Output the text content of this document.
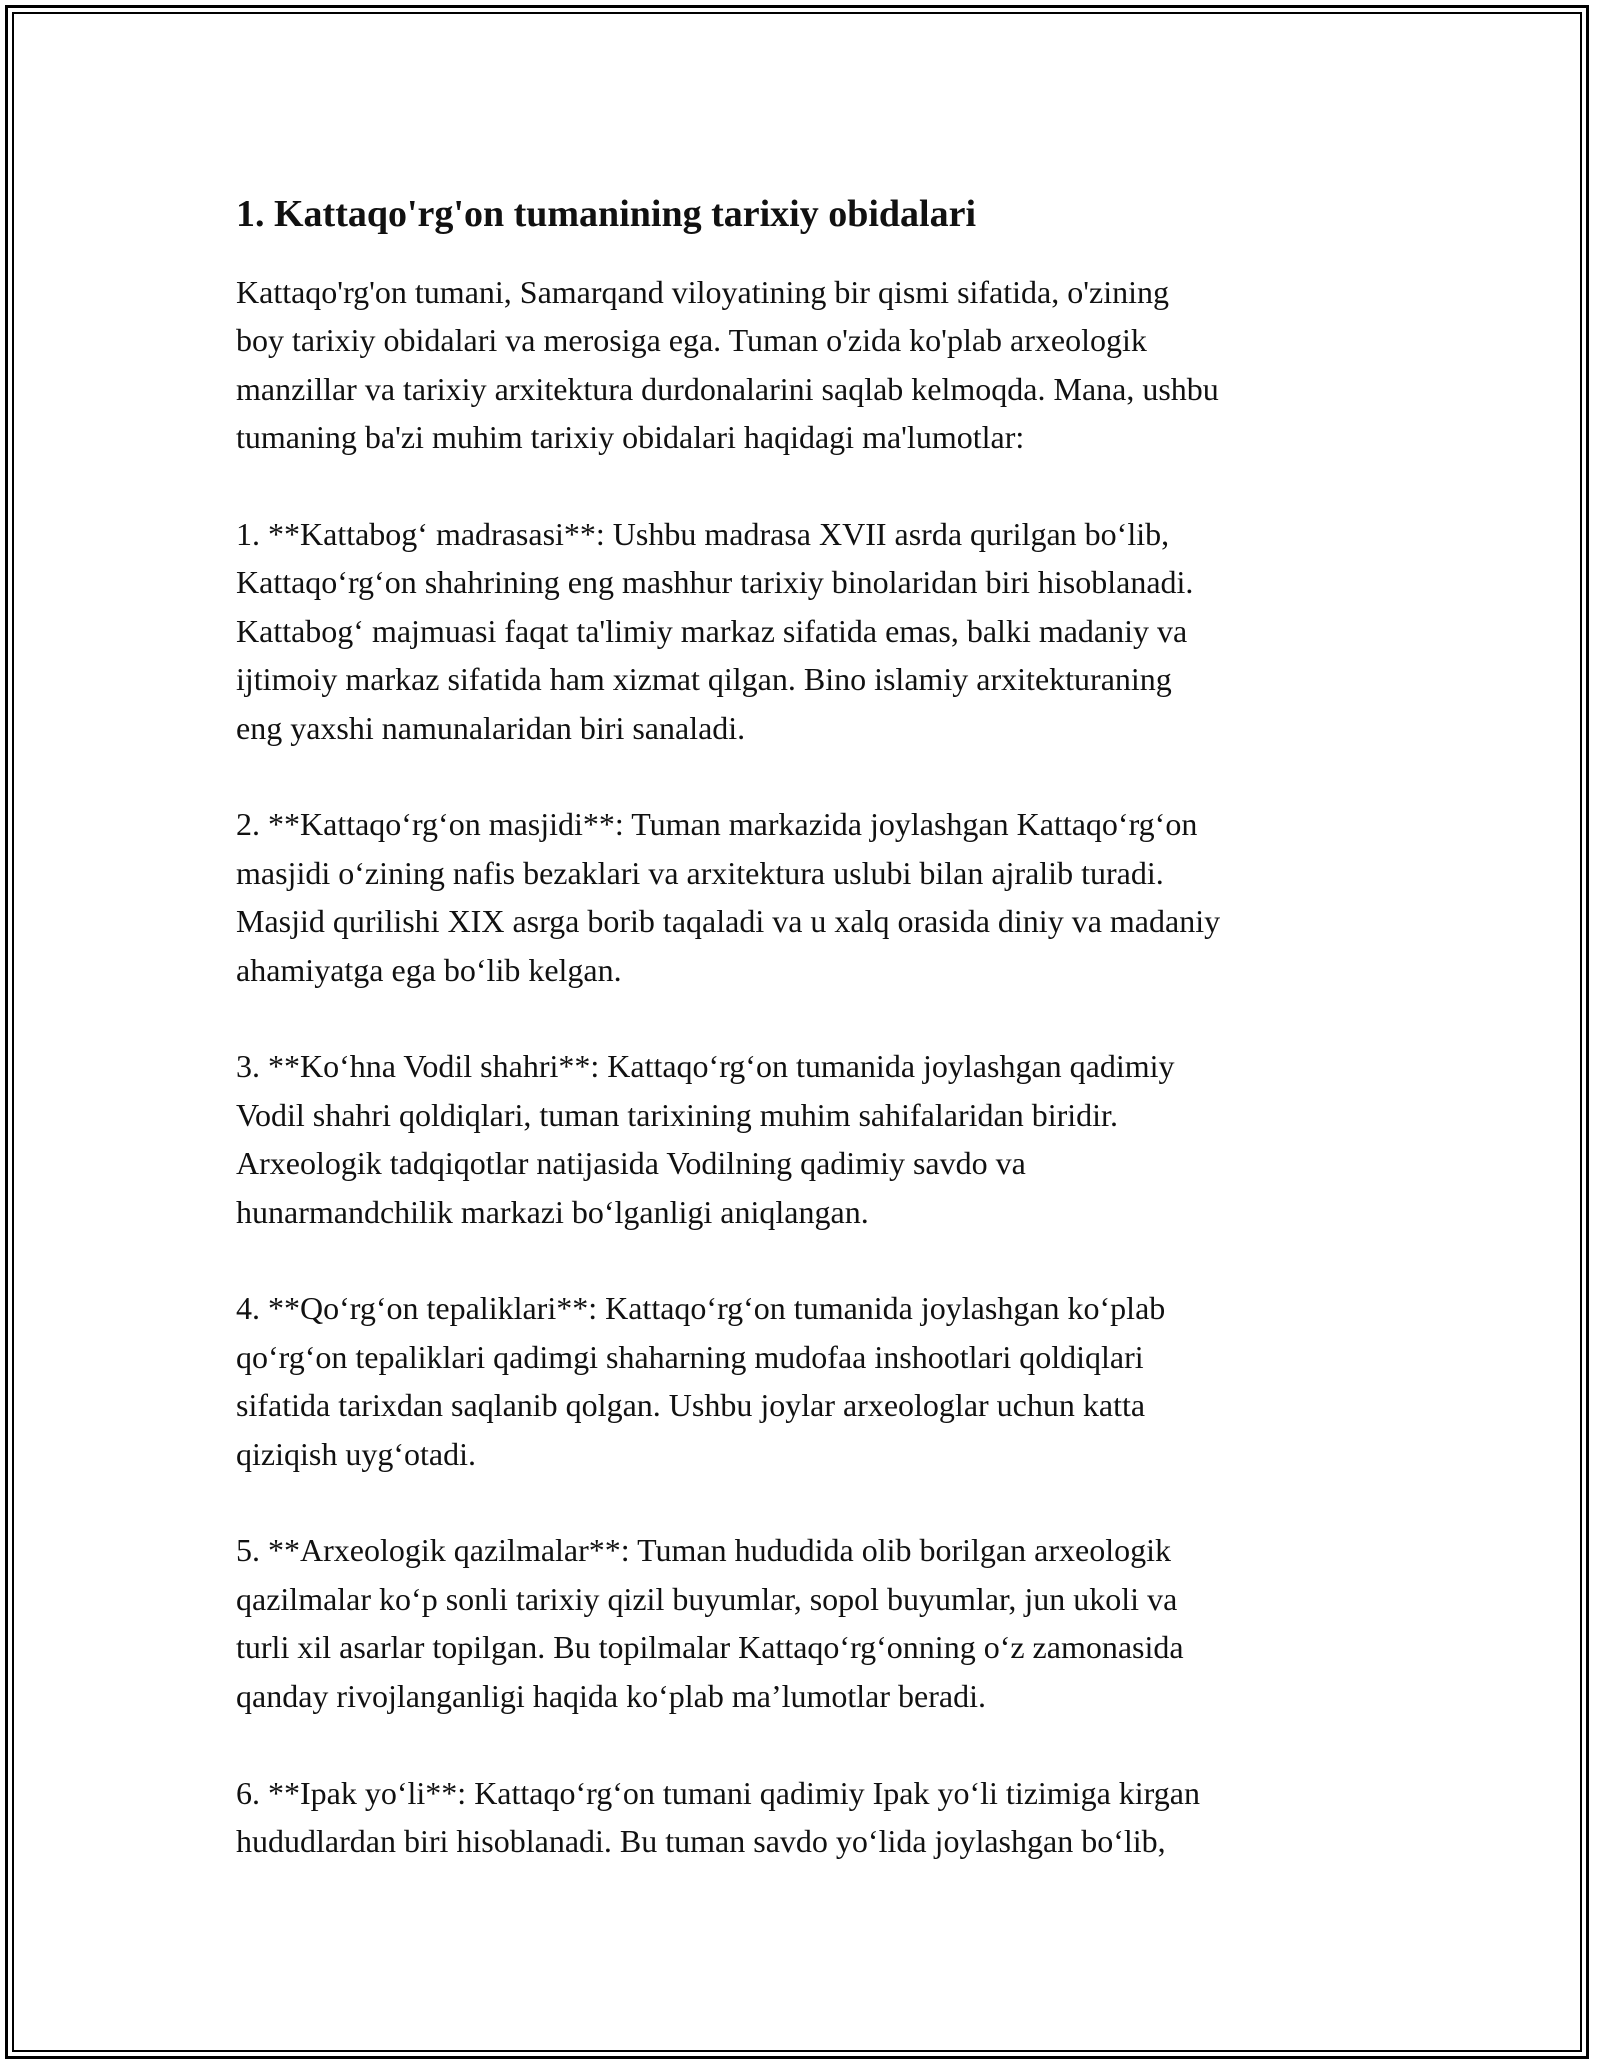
1. Kattaqo'rg'on tumanining tarixiy obidalari

Kattaqo'rg'on tumani, Samarqand viloyatining bir qismi sifatida, o'zining
boy tarixiy obidalari va merosiga ega. Tuman o'zida ko'plab arxeologik
manzillar va tarixiy arxitektura durdonalarini saqlab kelmoqda. Mana, ushbu
tumaning ba'zi muhim tarixiy obidalari haqidagi ma'lumotlar:

1. **Kattabog‘ madrasasi**: Ushbu madrasa XVII asrda qurilgan bo‘lib,
Kattaqo‘rg‘on shahrining eng mashhur tarixiy binolaridan biri hisoblanadi.
Kattabog‘ majmuasi faqat ta'limiy markaz sifatida emas, balki madaniy va
ijtimoiy markaz sifatida ham xizmat qilgan. Bino islamiy arxitekturaning
eng yaxshi namunalaridan biri sanaladi.

2. **Kattaqo‘rg‘on masjidi**: Tuman markazida joylashgan Kattaqo‘rg‘on
masjidi o‘zining nafis bezaklari va arxitektura uslubi bilan ajralib turadi.
Masjid qurilishi XIX asrga borib taqaladi va u xalq orasida diniy va madaniy
ahamiyatga ega bo‘lib kelgan.

3. **Ko‘hna Vodil shahri**: Kattaqo‘rg‘on tumanida joylashgan qadimiy
Vodil shahri qoldiqlari, tuman tarixining muhim sahifalaridan biridir.
Arxeologik tadqiqotlar natijasida Vodilning qadimiy savdo va
hunarmandchilik markazi bo‘lganligi aniqlangan.

4. **Qo‘rg‘on tepaliklari**: Kattaqo‘rg‘on tumanida joylashgan ko‘plab
qo‘rg‘on tepaliklari qadimgi shaharning mudofaa inshootlari qoldiqlari
sifatida tarixdan saqlanib qolgan. Ushbu joylar arxeologlar uchun katta
qiziqish uyg‘otadi.

5. **Arxeologik qazilmalar**: Tuman hududida olib borilgan arxeologik
qazilmalar ko‘p sonli tarixiy qizil buyumlar, sopol buyumlar, jun ukoli va
turli xil asarlar topilgan. Bu topilmalar Kattaqo‘rg‘onning o‘z zamonasida
qanday rivojlanganligi haqida ko‘plab ma’lumotlar beradi.

6. **Ipak yo‘li**: Kattaqo‘rg‘on tumani qadimiy Ipak yo‘li tizimiga kirgan
hududlardan biri hisoblanadi. Bu tuman savdo yo‘lida joylashgan bo‘lib,
